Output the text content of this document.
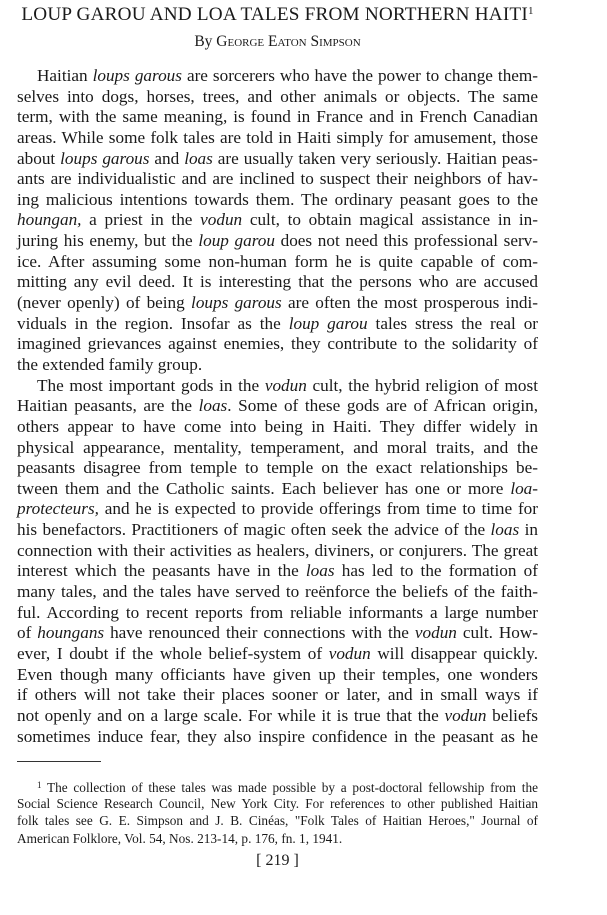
LOUP GAROU AND LOA TALES FROM NORTHERN HAITI$^1$
By George Eaton Simpson
Haitian loups garous are sorcerers who have the power to change them-
selves into dogs, horses, trees, and other animals or objects. The same
term, with the same meaning, is found in France and in French Canadian
areas. While some folk tales are told in Haiti simply for amusement, those
about loups garous and loas are usually taken very seriously. Haitian peas-
ants are individualistic and are inclined to suspect their neighbors of hav-
ing malicious intentions towards them. The ordinary peasant goes to the
houngan, a priest in the vodun cult, to obtain magical assistance in in-
juring his enemy, but the loup garou does not need this professional serv-
ice. After assuming some non-human form he is quite capable of com-
mitting any evil deed. It is interesting that the persons who are accused
(never openly) of being loups garous are often the most prosperous indi-
viduals in the region. Insofar as the loup garou tales stress the real or
imagined grievances against enemies, they contribute to the solidarity of
the extended family group.
The most important gods in the vodun cult, the hybrid religion of most
Haitian peasants, are the loas. Some of these gods are of African origin,
others appear to have come into being in Haiti. They differ widely in
physical appearance, mentality, temperament, and moral traits, and the
peasants disagree from temple to temple on the exact relationships be-
tween them and the Catholic saints. Each believer has one or more loa-
protecteurs, and he is expected to provide offerings from time to time for
his benefactors. Practitioners of magic often seek the advice of the loas in
connection with their activities as healers, diviners, or conjurers. The great
interest which the peasants have in the loas has led to the formation of
many tales, and the tales have served to reënforce the beliefs of the faith-
ful. According to recent reports from reliable informants a large number
of houngans have renounced their connections with the vodun cult. How-
ever, I doubt if the whole belief-system of vodun will disappear quickly.
Even though many officiants have given up their temples, one wonders
if others will not take their places sooner or later, and in small ways if
not openly and on a large scale. For while it is true that the vodun beliefs
sometimes induce fear, they also inspire confidence in the peasant as he
$^1$ The collection of these tales was made possible by a post-doctoral fellowship from the
Social Science Research Council, New York City. For references to other published Haitian
folk tales see G. E. Simpson and J. B. Cinéas, "Folk Tales of Haitian Heroes," Journal of
American Folklore, Vol. 54, Nos. 213-14, p. 176, fn. 1, 1941.
[ 219 ]
